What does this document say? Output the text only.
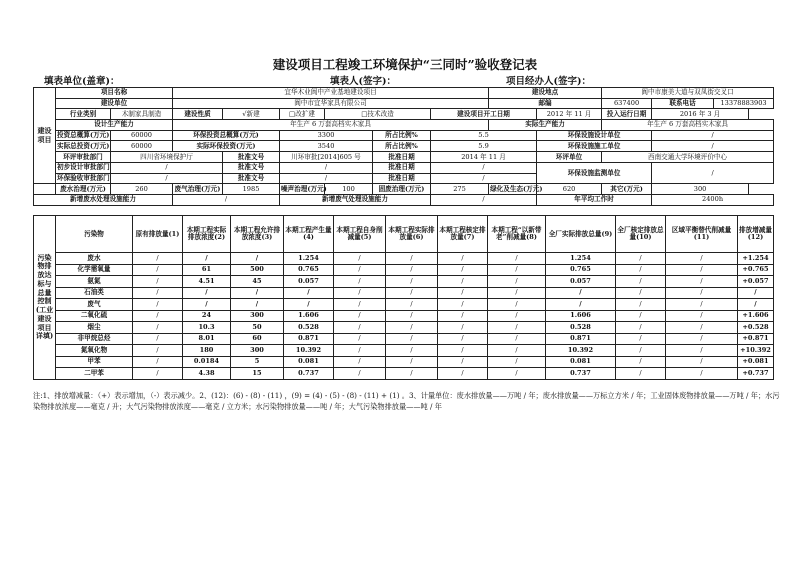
建设项目工程竣工环境保护“三同时”验收登记表
填表单位(盖章)：	填表人(签字)：	项目经办人(签字)：
建设项目	项目名称		宜华木业阆中产业基地建设项目						建设地点		阆中市康美大道与双凤街交叉口		
	建设单位		阆中市宜华家具有限公司						邮编		637400	联系电话	13378883903
	行业类别	木制家具制造	建设性质	√新建	□改扩建	□技术改造		建设项目开工日期		2012 年 11 月	投入运行日期	2016 年 3 月	
	设计生产能力		年生产 6 万套高档实木家具						实际生产能力		年生产 6 万套高档实木家具		
	投资总概算(万元)	60000	环保投资总概算(万元)		3300		所占比例%	5.5		环保设施设计单位		/	
	实际总投资(万元)	60000	实际环保投资(万元)		3540		所占比例%	5.9		环保设施施工单位		/	
	环评审批部门	四川省环境保护厅		批准文号	川环审批[2014]605 号		批准日期	2014 年 11 月		环评单位	西南交通大学环境评价中心		
	初步设计审批部门	/		批准文号	/		批准日期	/		环保设施监测单位		/	
	环保验收审批部门	/		批准文号	/		批准日期	/					
	废水治理(万元)	260	废气治理(万元)	1985	噪声治理(万元)	100	固废治理(万元)	275	绿化及生态(万元)	620	其它(万元)	300	
新增废水处理设施能力			/		新增废气处理设施能力			/		年平均工作时		2400h	
污染物排放达标与总量控制(工业建设项目详填)	污染物	原有排放量(1)	本期工程实际排放浓度(2)	本期工程允许排放浓度(3)	本期工程产生量(4)	本期工程自身削减量(5)	本期工程实际排放量(6)	本期工程核定排放量(7)	本期工程“以新带老”削减量(8)	全厂实际排放总量(9)	全厂核定排放总量(10)	区域平衡替代削减量(11)	排放增减量(12)
	废水	/	/	/	1.254	/	/	/	/	1.254	/	/	+1.254
	化学需氧量	/	61	500	0.765	/	/	/	/	0.765	/	/	+0.765
	氨氮	/	4.51	45	0.057	/	/	/	/	0.057	/	/	+0.057
	石油类	/	/	/	/	/	/	/	/	/	/	/	/
	废气	/	/	/	/	/	/	/	/	/	/	/	/
	二氧化硫	/	24	300	1.606	/	/	/	/	1.606	/	/	+1.606
	烟尘	/	10.3	50	0.528	/	/	/	/	0.528	/	/	+0.528
	非甲烷总烃	/	8.01	60	0.871	/	/	/	/	0.871	/	/	+0.871
	氮氧化物	/	180	300	10.392	/	/	/	/	10.392	/	/	+10.392
	甲苯	/	0.0184	5	0.081	/	/	/	/	0.081	/	/	+0.081
	二甲苯	/	4.38	15	0.737	/	/	/	/	0.737	/	/	+0.737
注:1、排放增减量：（+）表示增加，（-）表示减少。2、(12)：(6) - (8) - (11) ，(9) = (4) - (5) - (8) - (11) + (1) 。3、计量单位：废水排放量——万吨 / 年；废水排放量——万标立方米 / 年；工业固体废物排放量——万吨 / 年；水污染物排放浓度——毫克 / 升；大气污染物排放浓度——毫克 / 立方米；水污染物排放量——吨 / 年；大气污染物排放量——吨 / 年
